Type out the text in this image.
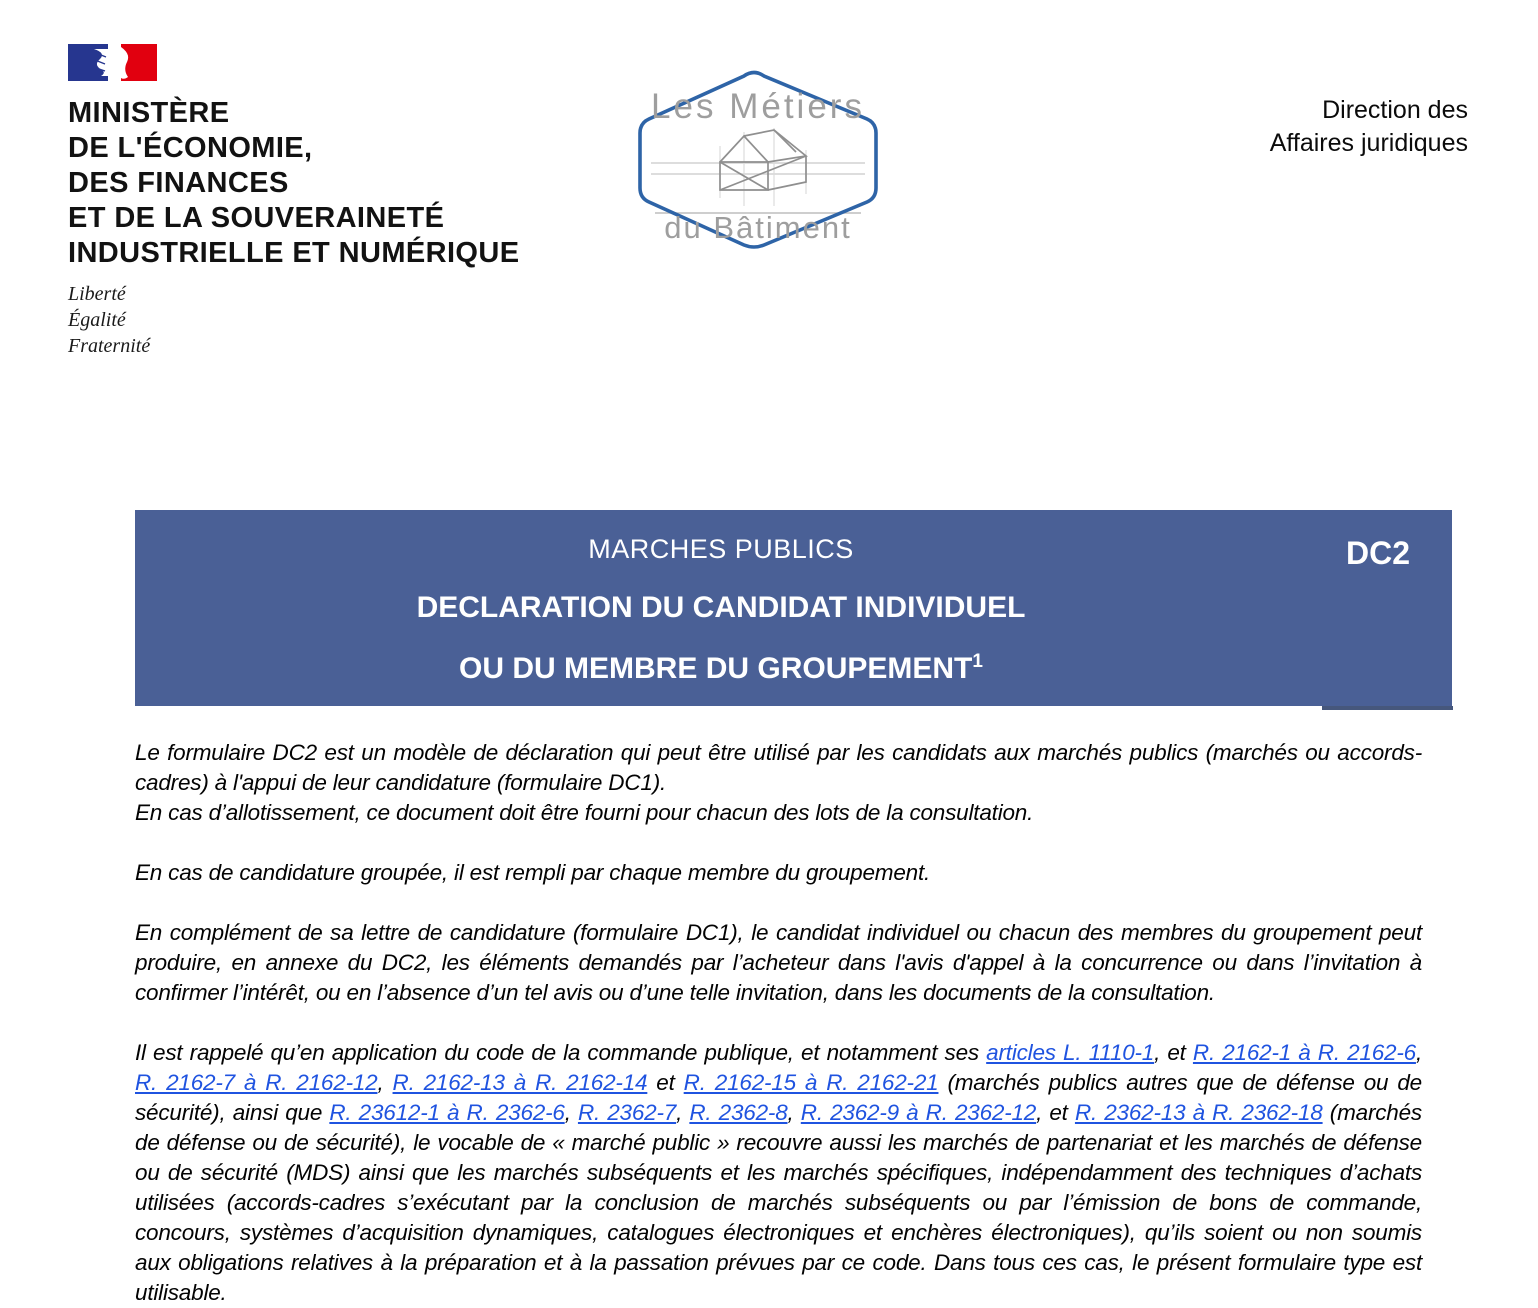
MINISTÈRE
DE L'ÉCONOMIE,
DES FINANCES
ET DE LA SOUVERAINETÉ
INDUSTRIELLE ET NUMÉRIQUE
Liberté
Égalité
Fraternité
Les Métiers
du Bâtiment
Direction des
Affaires juridiques
MARCHES PUBLICS
DECLARATION DU CANDIDAT INDIVIDUEL
OU DU MEMBRE DU GROUPEMENT$^1$
DC2

Le formulaire DC2 est un modèle de déclaration qui peut être utilisé par les candidats aux marchés publics (marchés ou accords-cadres) à l'appui de leur candidature (formulaire DC1).
En cas d’allotissement, ce document doit être fourni pour chacun des lots de la consultation.

En cas de candidature groupée, il est rempli par chaque membre du groupement.

En complément de sa lettre de candidature (formulaire DC1), le candidat individuel ou chacun des membres du groupement peut produire, en annexe du DC2, les éléments demandés par l’acheteur dans l'avis d'appel à la concurrence ou dans l’invitation à confirmer l’intérêt, ou en l’absence d’un tel avis ou d’une telle invitation, dans les documents de la consultation.

Il est rappelé qu’en application du code de la commande publique, et notamment ses articles L. 1110-1, et R. 2162-1 à R. 2162-6, R. 2162-7 à R. 2162-12, R. 2162-13 à R. 2162-14 et R. 2162-15 à R. 2162-21 (marchés publics autres que de défense ou de sécurité), ainsi que R. 23612-1 à R. 2362-6, R. 2362-7, R. 2362-8, R. 2362-9 à R. 2362-12, et R. 2362-13 à R. 2362-18 (marchés de défense ou de sécurité), le vocable de « marché public » recouvre aussi les marchés de partenariat et les marchés de défense ou de sécurité (MDS) ainsi que les marchés subséquents et les marchés spécifiques, indépendamment des techniques d’achats utilisées (accords-cadres s’exécutant par la conclusion de marchés subséquents ou par l’émission de bons de commande, concours, systèmes d’acquisition dynamiques, catalogues électroniques et enchères électroniques), qu’ils soient ou non soumis aux obligations relatives à la préparation et à la passation prévues par ce code. Dans tous ces cas, le présent formulaire type est utilisable.
